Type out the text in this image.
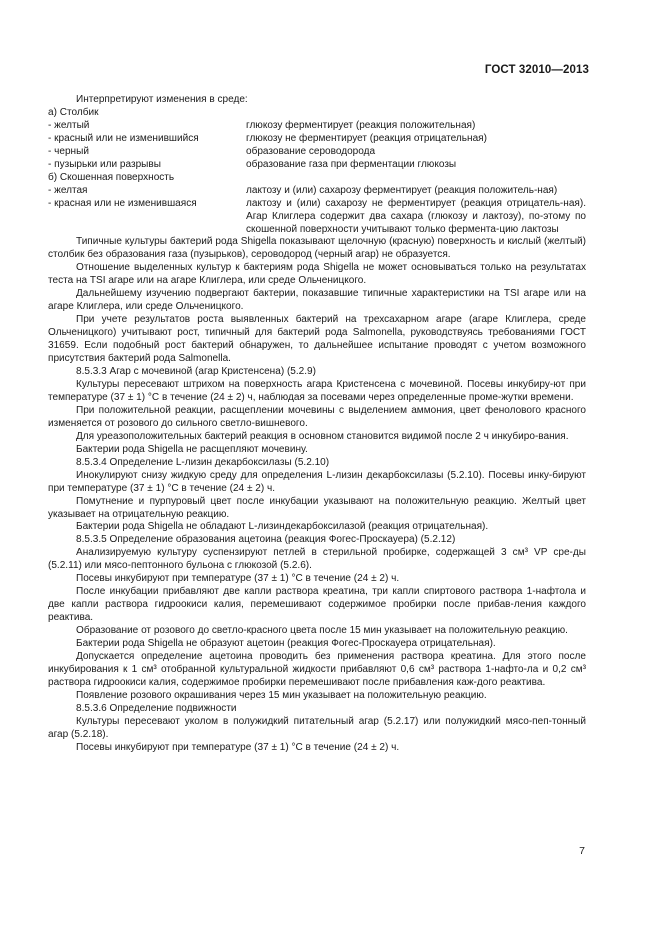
ГОСТ 32010—2013

Интерпретируют изменения в среде:

а) Столбик

- желтый	глюкозу ферментирует (реакция положительная)
- красный или не изменившийся	глюкозу не ферментирует (реакция отрицательная)
- черный	образование сероводорода
- пузырьки или разрывы	образование газа при ферментации глюкозы

б) Скошенная поверхность

- желтая	лактозу и (или) сахарозу ферментирует (реакция положитель-ная)
- красная или не изменившаяся	лактозу и (или) сахарозу не ферментирует (реакция отрицатель-ная). Агар Клиглера содержит два сахара (глюкозу и лактозу), по-этому по скошенной поверхности учитывают только фермента-цию лактозы

Типичные культуры бактерий рода Shigella показывают щелочную (красную) поверхность и кислый (желтый) столбик без образования газа (пузырьков), сероводород (черный агар) не образуется.

Отношение выделенных культур к бактериям рода Shigella не может основываться только на результатах теста на TSI агаре или на агаре Клиглера, или среде Ольченицкого.

Дальнейшему изучению подвергают бактерии, показавшие типичные характеристики на TSI агаре или на агаре Клиглера, или среде Ольченицкого.

При учете результатов роста выявленных бактерий на трехсахарном агаре (агаре Клиглера, среде Ольченицкого) учитывают рост, типичный для бактерий рода Salmonella, руководствуясь требованиями ГОСТ 31659. Если подобный рост бактерий обнаружен, то дальнейшее испытание проводят с учетом возможного присутствия бактерий рода Salmonella.

8.5.3.3 Агар с мочевиной (агар Кристенсена) (5.2.9)

Культуры пересевают штрихом на поверхность агара Кристенсена с мочевиной. Посевы инкубиру-ют при температуре (37 ± 1) °С в течение (24 ± 2) ч, наблюдая за посевами через определенные проме-жутки времени.

При положительной реакции, расщеплении мочевины с выделением аммония, цвет фенолового красного изменяется от розового до сильного светло-вишневого.

Для уреазоположительных бактерий реакция в основном становится видимой после 2 ч инкубиро-вания.

Бактерии рода Shigella не расщепляют мочевину.

8.5.3.4 Определение L-лизин декарбоксилазы (5.2.10)

Инокулируют снизу жидкую среду для определения L-лизин декарбоксилазы (5.2.10). Посевы инку-бируют при температуре (37 ± 1) °С в течение (24 ± 2) ч.

Помутнение и пурпуровый цвет после инкубации указывают на положительную реакцию. Желтый цвет указывает на отрицательную реакцию.

Бактерии рода Shigella не обладают L-лизиндекарбоксилазой (реакция отрицательная).

8.5.3.5 Определение образования ацетоина (реакция Фогес-Проскауера) (5.2.12)

Анализируемую культуру суспензируют петлей в стерильной пробирке, содержащей 3 см³ VP сре-ды (5.2.11) или мясо-пептонного бульона с глюкозой (5.2.6).

Посевы инкубируют при температуре (37 ± 1) °С в течение (24 ± 2) ч.

После инкубации прибавляют две капли раствора креатина, три капли спиртового раствора 1-нафтола и две капли раствора гидроокиси калия, перемешивают содержимое пробирки после прибав-ления каждого реактива.

Образование от розового до светло-красного цвета после 15 мин указывает на положительную реакцию.

Бактерии рода Shigella не образуют ацетоин (реакция Фогес-Проскауера отрицательная).

Допускается определение ацетоина проводить без применения раствора креатина. Для этого после инкубирования к 1 см³ отобранной культуральной жидкости прибавляют 0,6 см³ раствора 1-нафто-ла и 0,2 см³ раствора гидроокиси калия, содержимое пробирки перемешивают после прибавления каж-дого реактива.

Появление розового окрашивания через 15 мин указывает на положительную реакцию.

8.5.3.6 Определение подвижности

Культуры пересевают уколом в полужидкий питательный агар (5.2.17) или полужидкий мясо-пеп-тонный агар (5.2.18).

Посевы инкубируют при температуре (37 ± 1) °С в течение (24 ± 2) ч.

7
